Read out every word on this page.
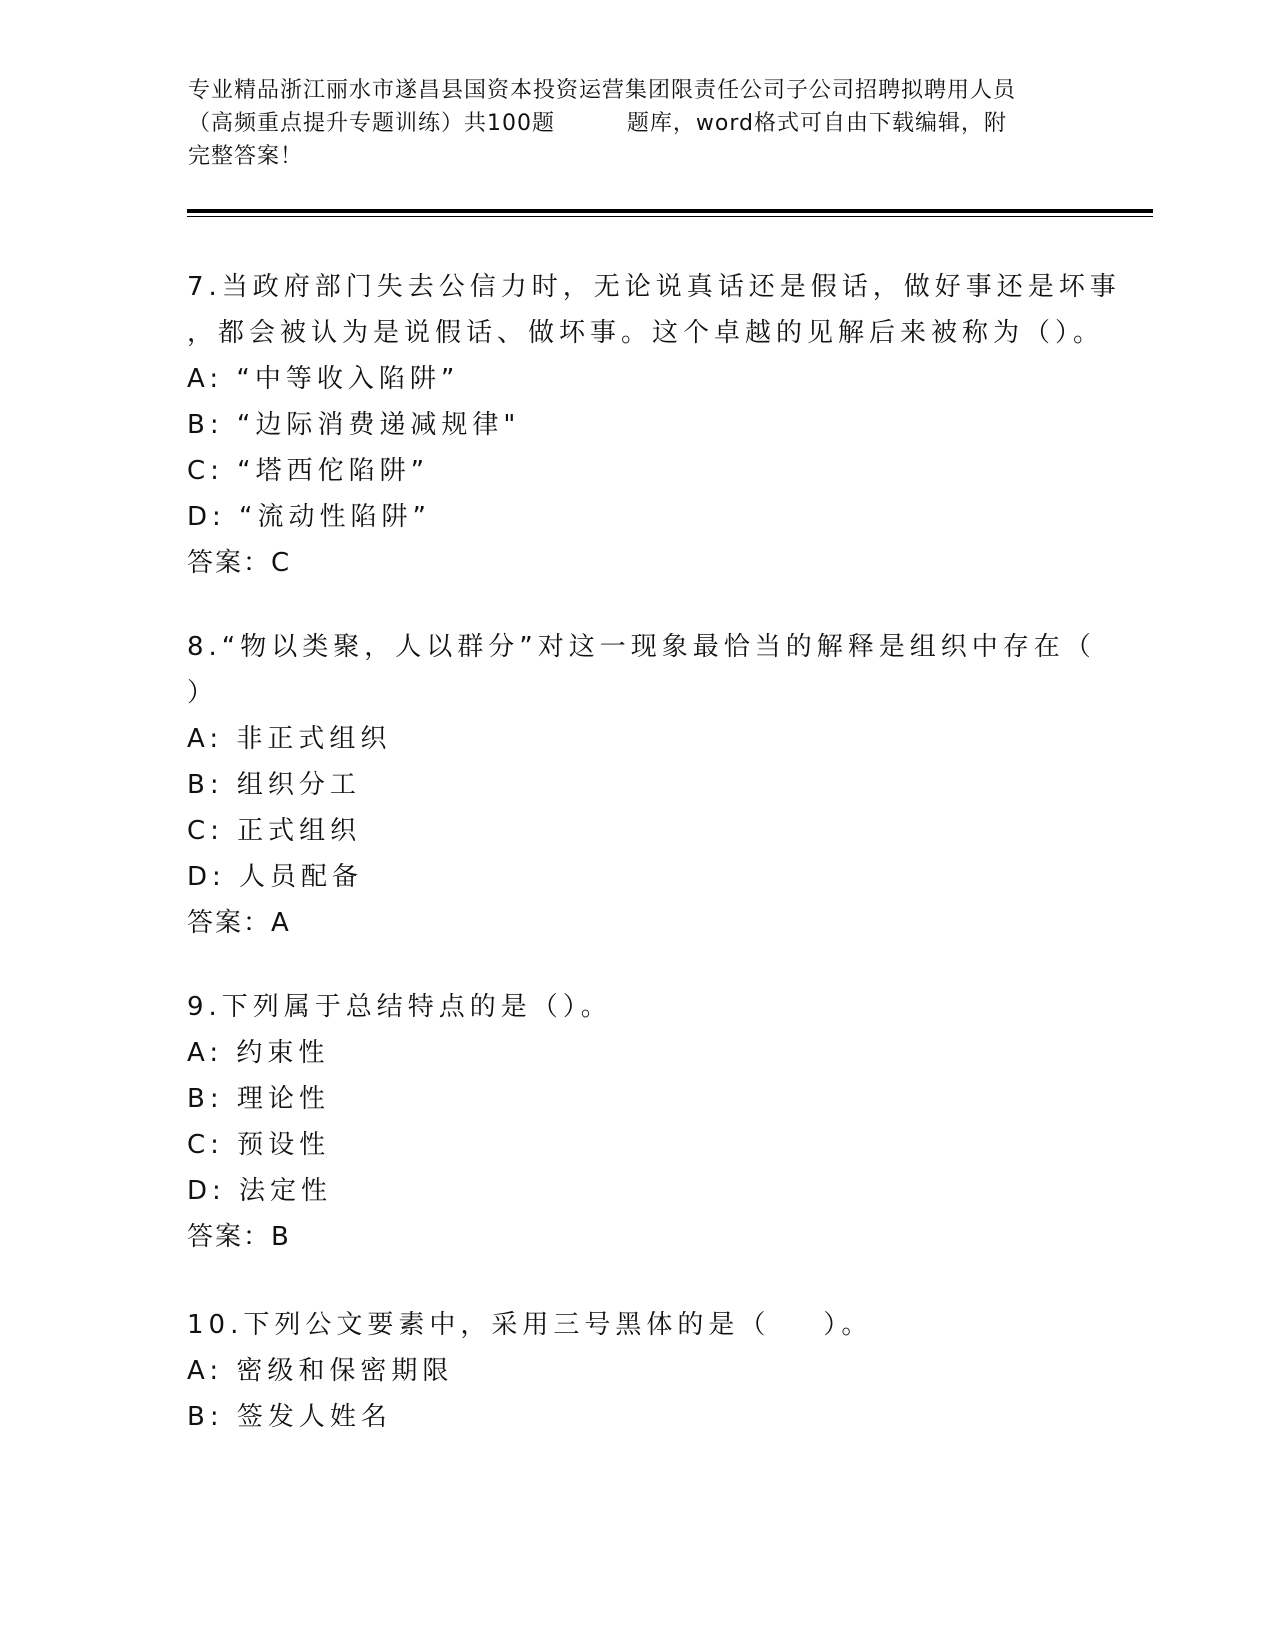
专业精品浙江丽水市遂昌县国资本投资运营集团限责任公司子公司招聘拟聘用人员
（高频重点提升专题训练）共100题         题库，word格式可自由下载编辑，附
完整答案！
7.当政府部门失去公信力时，无论说真话还是假话，做好事还是坏事
，都会被认为是说假话、做坏事。这个卓越的见解后来被称为（）。
A: “中等收入陷阱”
B: “边际消费递减规律"
C: “塔西佗陷阱”
D: “流动性陷阱”
答案：C
8.“物以类聚，人以群分”对这一现象最恰当的解释是组织中存在（
）
A: 非正式组织
B: 组织分工
C: 正式组织
D: 人员配备
答案：A
9.下列属于总结特点的是（）。
A: 约束性
B: 理论性
C: 预设性
D: 法定性
答案：B
10.下列公文要素中，采用三号黑体的是（    ）。
A: 密级和保密期限
B: 签发人姓名
